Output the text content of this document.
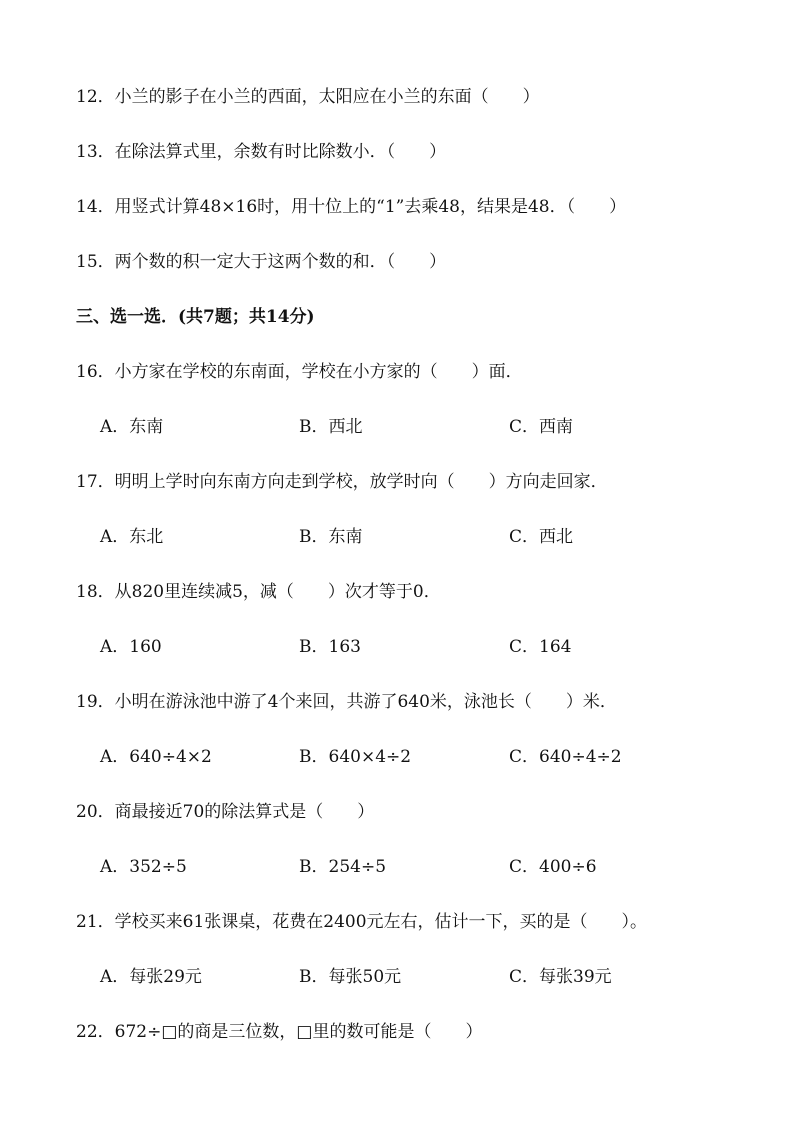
12．小兰的影子在小兰的西面，太阳应在小兰的东面（　　）
13．在除法算式里，余数有时比除数小．（　　）
14．用竖式计算48×16时，用十位上的“1”去乘48，结果是48．（　　）
15．两个数的积一定大于这两个数的和．（　　）
三、选一选．(共7题；共14分)
16．小方家在学校的东南面，学校在小方家的（　　）面．
A．东南	B．西北	C．西南
17．明明上学时向东南方向走到学校，放学时向（　　）方向走回家．
A．东北	B．东南	C．西北
18．从820里连续减5，减（　　）次才等于0．
A．160	B．163	C．164
19．小明在游泳池中游了4个来回，共游了640米，泳池长（　　）米．
A．640÷4×2	B．640×4÷2	C．640÷4÷2
20．商最接近70的除法算式是（　　）
A．352÷5	B．254÷5	C．400÷6
21．学校买来61张课桌，花费在2400元左右，估计一下，买的是（　　）。
A．每张29元	B．每张50元	C．每张39元
22．672÷□的商是三位数，□里的数可能是（　　）
